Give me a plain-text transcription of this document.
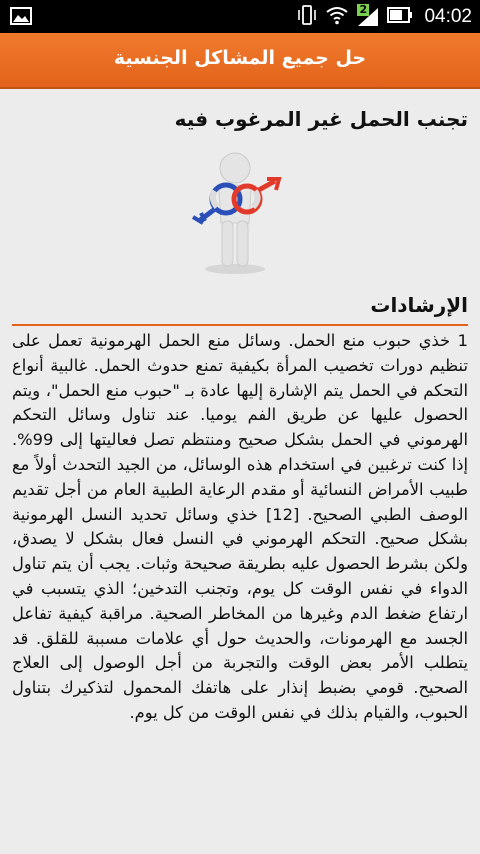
2	04:02
حل جميع المشاكل الجنسية
تجنب الحمل غير المرغوب فيه
الإرشادات
1 خذي حبوب منع الحمل. وسائل منع الحمل الهرمونية تعمل على تنظيم دورات تخصيب المرأة بكيفية تمنع حدوث الحمل. غالبية أنواع التحكم في الحمل يتم الإشارة إليها عادة بـ "حبوب منع الحمل"، ويتم الحصول عليها عن طريق الفم يوميا. عند تناول وسائل التحكم الهرموني في الحمل بشكل صحيح ومنتظم تصل فعاليتها إلى 99%. إذا كنت ترغبين في استخدام هذه الوسائل، من الجيد التحدث أولاً مع طبيب الأمراض النسائية أو مقدم الرعاية الطبية العام من أجل تقديم الوصف الطبي الصحيح. [12] خذي وسائل تحديد النسل الهرمونية بشكل صحيح. التحكم الهرموني في النسل فعال بشكل لا يصدق، ولكن بشرط الحصول عليه بطريقة صحيحة وثبات. يجب أن يتم تناول الدواء في نفس الوقت كل يوم، وتجنب التدخين؛ الذي يتسبب في ارتفاع ضغط الدم وغيرها من المخاطر الصحية. مراقبة كيفية تفاعل الجسد مع الهرمونات، والحديث حول أي علامات مسببة للقلق. قد يتطلب الأمر بعض الوقت والتجربة من أجل الوصول إلى العلاج الصحيح. قومي بضبط إنذار على هاتفك المحمول لتذكيرك بتناول الحبوب، والقيام بذلك في نفس الوقت من كل يوم.
